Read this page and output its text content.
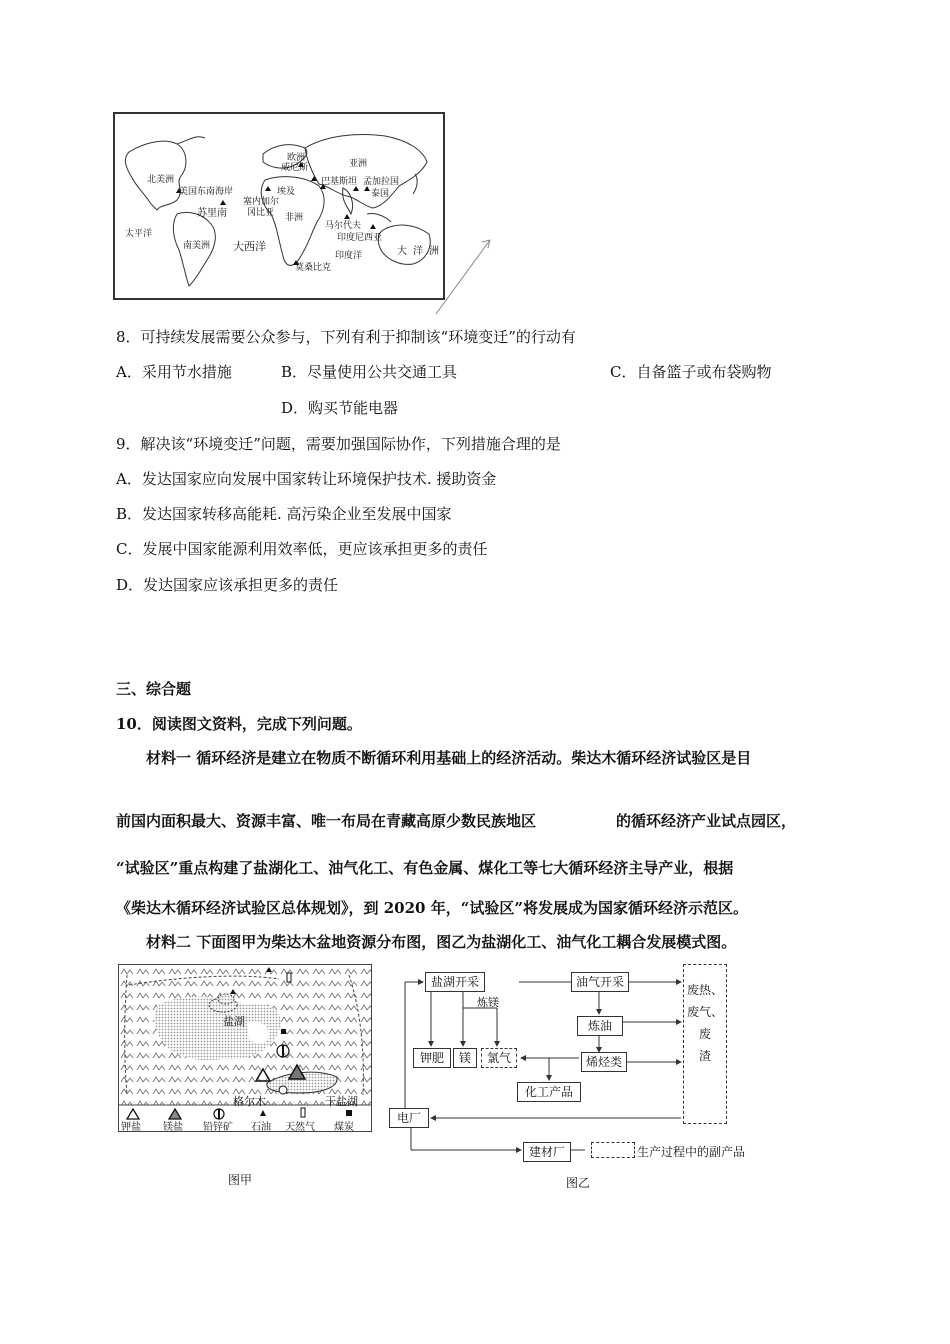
北美洲
美国东南海岸
苏里南
太平洋
南美洲 大西洋
欧洲
威尼斯
埃及
塞内加尔
冈比亚 非洲
莫桑比克
亚洲
巴基斯坦 孟加拉国
泰国
马尔代夫
印度尼西亚
印度洋	大洋洲
8．可持续发展需要公众参与，下列有利于抑制该“环境变迁”的行动有
A．采用节水措施	B．尽量使用公共交通工具	C．自备篮子或布袋购物
D．购买节能电器
9．解决该“环境变迁”问题，需要加强国际协作，下列措施合理的是
A．发达国家应向发展中国家转让环境保护技术. 援助资金
B．发达国家转移高能耗. 高污染企业至发展中国家
C．发展中国家能源利用效率低，更应该承担更多的责任
D．发达国家应该承担更多的责任
三、综合题
10．阅读图文资料，完成下列问题。
材料一 循环经济是建立在物质不断循环利用基础上的经济活动。柴达木循环经济试验区是目
前国内面积最大、资源丰富、唯一布局在青藏高原少数民族地区	的循环经济产业试点园区，
“试验区”重点构建了盐湖化工、油气化工、有色金属、煤化工等七大循环经济主导产业，根据
《柴达木循环经济试验区总体规划》，到 2020 年，“试验区”将发展成为国家循环经济示范区。
材料二 下面图甲为柴达木盆地资源分布图，图乙为盐湖化工、油气化工耦合发展模式图。
盐湖
格尔木	干盐湖
钾盐 镁盐 铅锌矿 石油 天然气 煤炭
图甲
盐湖开采
炼镁
钾肥	镁	氯气
化工产品
电厂
建材厂
油气开采
炼油
烯烃类
废热、
废气、
废
渣
生产过程中的副产品
图乙
